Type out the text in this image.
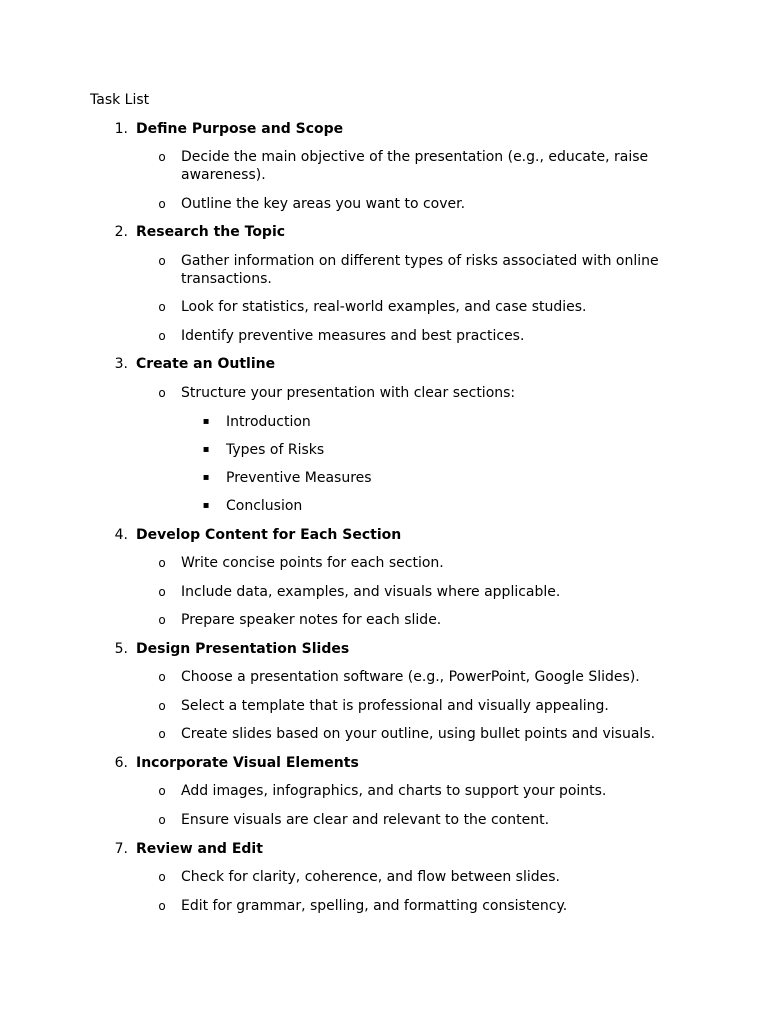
Task List
1. Define Purpose and Scope
o Decide the main objective of the presentation (e.g., educate, raise awareness).
o Outline the key areas you want to cover.
2. Research the Topic
o Gather information on different types of risks associated with online transactions.
o Look for statistics, real-world examples, and case studies.
o Identify preventive measures and best practices.
3. Create an Outline
o Structure your presentation with clear sections:
▪ Introduction
▪ Types of Risks
▪ Preventive Measures
▪ Conclusion
4. Develop Content for Each Section
o Write concise points for each section.
o Include data, examples, and visuals where applicable.
o Prepare speaker notes for each slide.
5. Design Presentation Slides
o Choose a presentation software (e.g., PowerPoint, Google Slides).
o Select a template that is professional and visually appealing.
o Create slides based on your outline, using bullet points and visuals.
6. Incorporate Visual Elements
o Add images, infographics, and charts to support your points.
o Ensure visuals are clear and relevant to the content.
7. Review and Edit
o Check for clarity, coherence, and flow between slides.
o Edit for grammar, spelling, and formatting consistency.
